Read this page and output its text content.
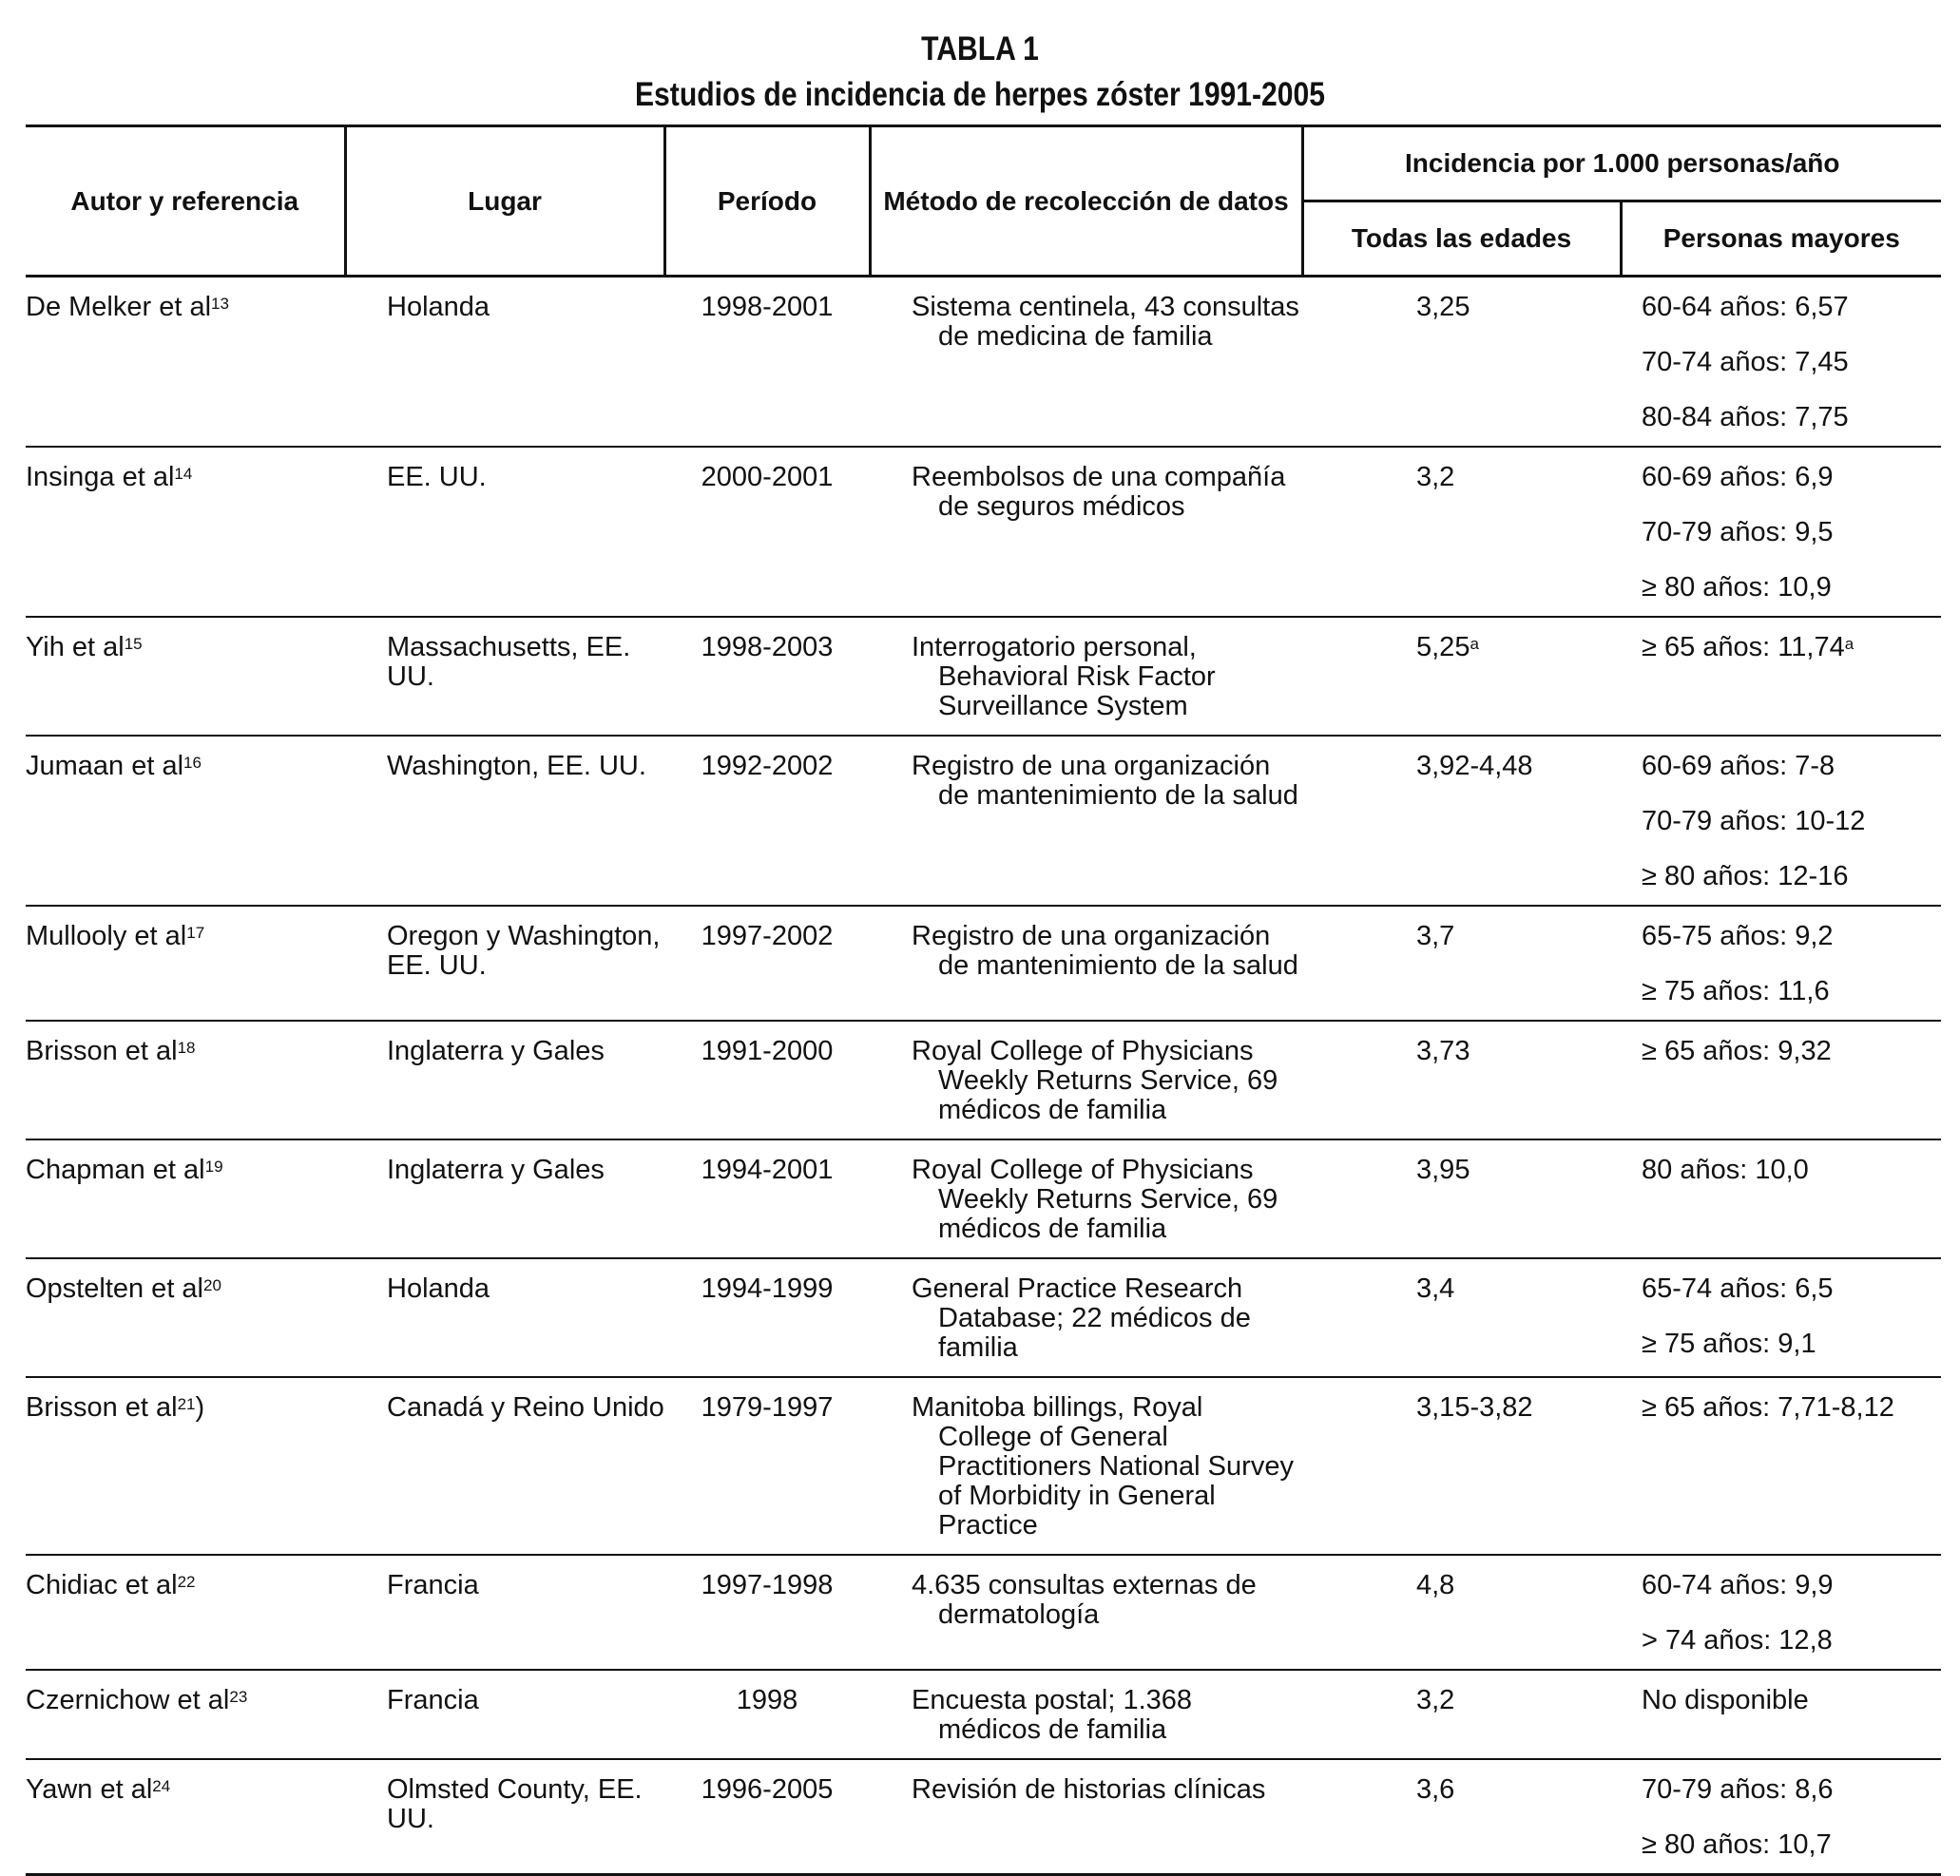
TABLA 1
Estudios de incidencia de herpes zóster 1991-2005
Autor y referencia	Lugar	Período	Método de recolección de datos	Incidencia por 1.000 personas/año	
				Todas las edades	Personas mayores
De Melker et $al^{13}$	Holanda	1998-2001	Sistema centinela, 43 consultas de medicina de familia	3,25	60-64 años: 6,57
70-74 años: 7,45
80-84 años: 7,75

Insinga et $al^{14}$	EE. UU.	2000-2001	Reembolsos de una compañía de seguros médicos	3,2	60-69 años: 6,9
70-79 años: 9,5
≥ 80 años: 10,9

Yih et $al^{15}$	Massachusetts, EE. UU.	1998-2003	Interrogatorio personal, Behavioral Risk Factor Surveillance System	5,25$^a$	≥ 65 años: 11,74$^a$

Jumaan et $al^{16}$	Washington, EE. UU.	1992-2002	Registro de una organización de mantenimiento de la salud	3,92-4,48	60-69 años: 7-8
70-79 años: 10-12
≥ 80 años: 12-16

Mullooly et $al^{17}$	Oregon y Washington, EE. UU.	1997-2002	Registro de una organización de mantenimiento de la salud	3,7	65-75 años: 9,2
≥ 75 años: 11,6

Brisson et $al^{18}$	Inglaterra y Gales	1991-2000	Royal College of Physicians Weekly Returns Service, 69 médicos de familia	3,73	≥ 65 años: 9,32

Chapman et $al^{19}$	Inglaterra y Gales	1994-2001	Royal College of Physicians Weekly Returns Service, 69 médicos de familia	3,95	80 años: 10,0

Opstelten et $al^{20}$	Holanda	1994-1999	General Practice Research Database; 22 médicos de familia	3,4	65-74 años: 6,5
≥ 75 años: 9,1

Brisson et $al^{21}$)	Canadá y Reino Unido	1979-1997	Manitoba billings, Royal College of General Practitioners National Survey of Morbidity in General Practice	3,15-3,82	≥ 65 años: 7,71-8,12

Chidiac et $al^{22}$	Francia	1997-1998	4.635 consultas externas de dermatología	4,8	60-74 años: 9,9
> 74 años: 12,8

Czernichow et $al^{23}$	Francia	1998	Encuesta postal; 1.368 médicos de familia	3,2	No disponible

Yawn et $al^{24}$	Olmsted County, EE. UU.	1996-2005	Revisión de historias clínicas	3,6	70-79 años: 8,6
≥ 80 años: 10,7
